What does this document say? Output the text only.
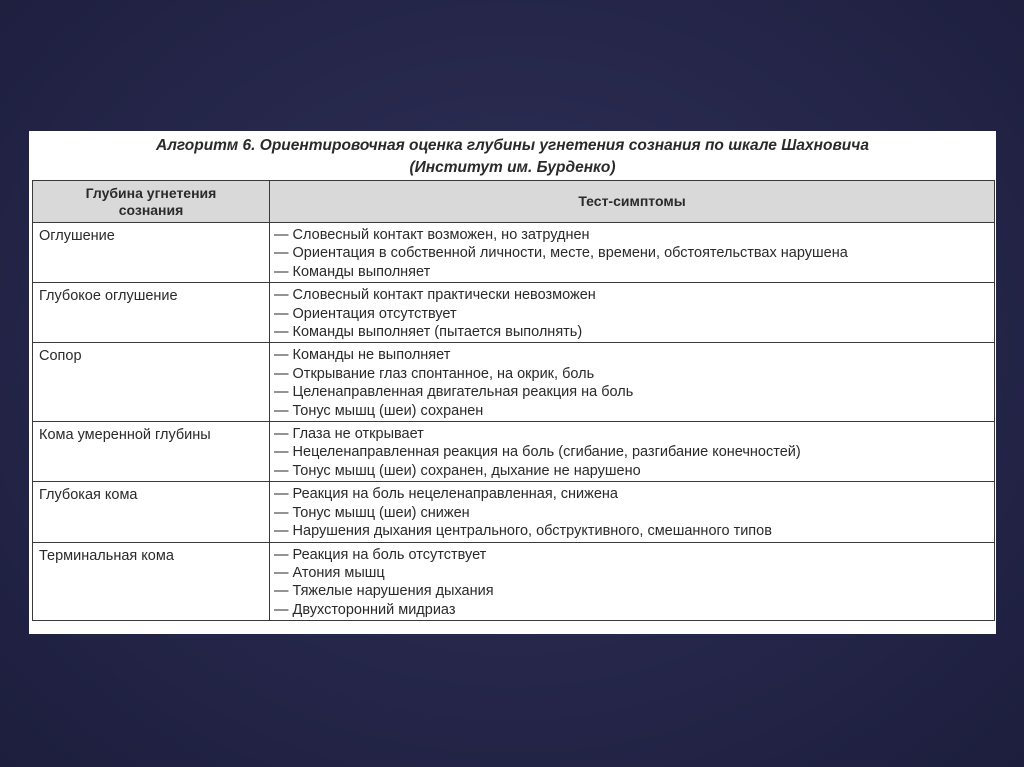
Алгоритм 6. Ориентировочная оценка глубины угнетения сознания по шкале Шахновича
(Институт им. Бурденко)
Глубина угнетения
сознания	Тест-симптомы
Оглушение	— Словесный контакт возможен, но затруднен
— Ориентация в собственной личности, месте, времени, обстоятельствах нарушена
— Команды выполняет

Глубокое оглушение	— Словесный контакт практически невозможен
— Ориентация отсутствует
— Команды выполняет (пытается выполнять)

Сопор	— Команды не выполняет
— Открывание глаз спонтанное, на окрик, боль
— Целенаправленная двигательная реакция на боль
— Тонус мышц (шеи) сохранен

Кома умеренной глубины	— Глаза не открывает
— Нецеленаправленная реакция на боль (сгибание, разгибание конечностей)
— Тонус мышц (шеи) сохранен, дыхание не нарушено

Глубокая кома	— Реакция на боль нецеленаправленная, снижена
— Тонус мышц (шеи) снижен
— Нарушения дыхания центрального, обструктивного, смешанного типов

Терминальная кома	— Реакция на боль отсутствует
— Атония мышц
— Тяжелые нарушения дыхания
— Двухсторонний мидриаз
